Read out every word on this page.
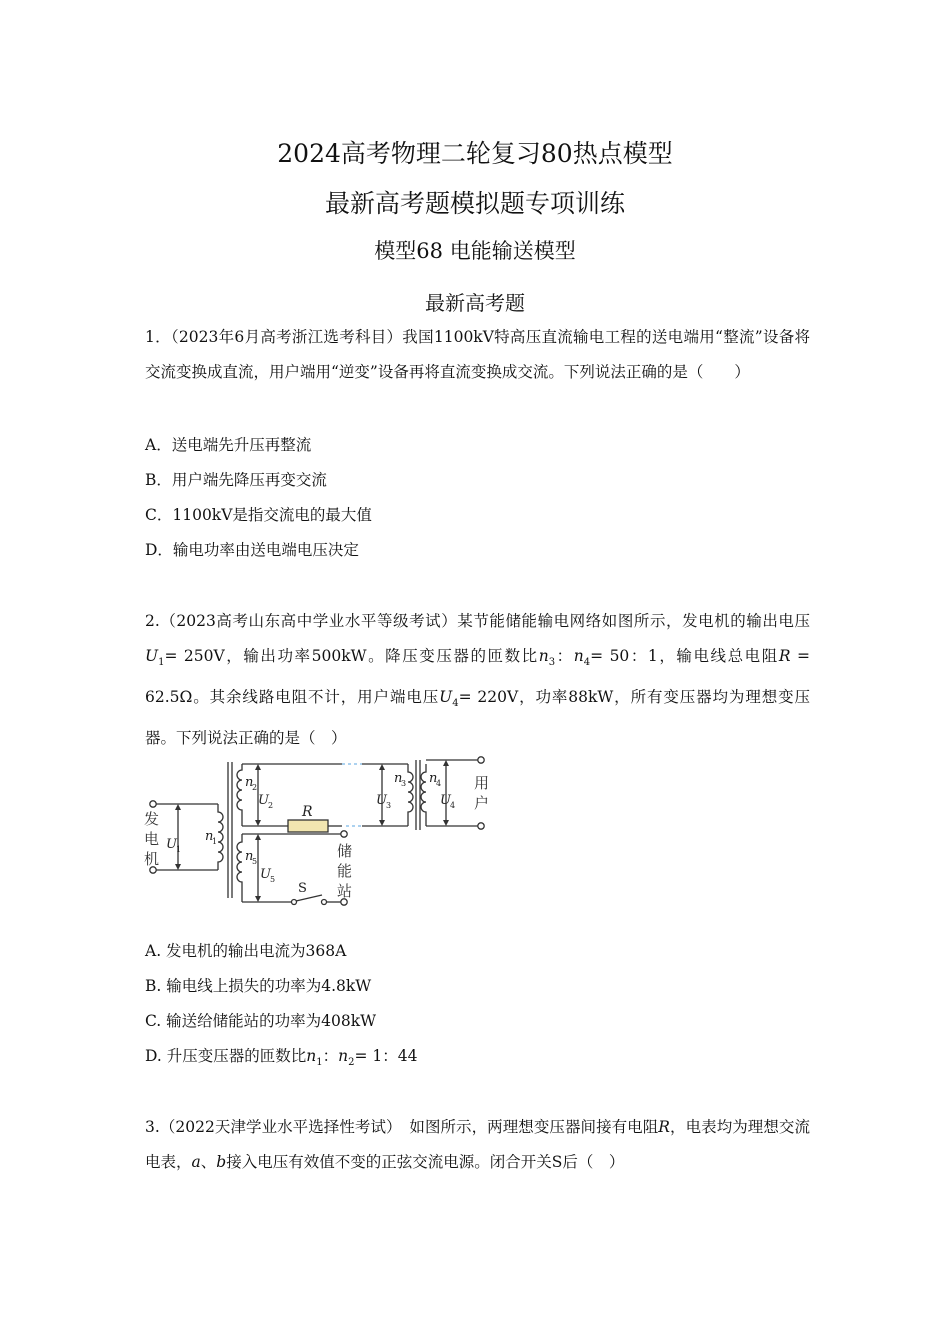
2024高考物理二轮复习80热点模型
最新高考题模拟题专项训练
模型68 电能输送模型
最新高考题
1．（2023年6月高考浙江选考科目）我国1100kV特高压直流输电工程的送电端用“整流”设备将交流变换成直流，用户端用“逆变”设备再将直流变换成交流。下列说法正确的是（　　）
A．送电端先升压再整流
B．用户端先降压再变交流
C．1100kV是指交流电的最大值
D．输电功率由送电端电压决定
2.（2023高考山东高中学业水平等级考试）某节能储能输电网络如图所示，发电机的输出电压 $U_1= 250V$，输出功率500kW。降压变压器的匝数比$n_3$：$n_4= 50$：1，输电线总电阻R = 62.5Ω。其余线路电阻不计，用户端电压$U_4= 220V$，功率88kW，所有变压器均为理想变压器。下列说法正确的是（　）
U 1
n
1
n
2
U 2
n
5
U 5
U 3
n
3 n
4
U 4
R
S
发
电
机
用
户
储
能
站
A. 发电机的输出电流为368A
B. 输电线上损失的功率为4.8kW
C. 输送给储能站的功率为408kW
D. 升压变压器的匝数比$n_1$：$n_2= 1$：44
3.（2022天津学业水平选择性考试）　如图所示，两理想变压器间接有电阻R，电表均为理想交流电表，a、b接入电压有效值不变的正弦交流电源。闭合开关S后（　）
